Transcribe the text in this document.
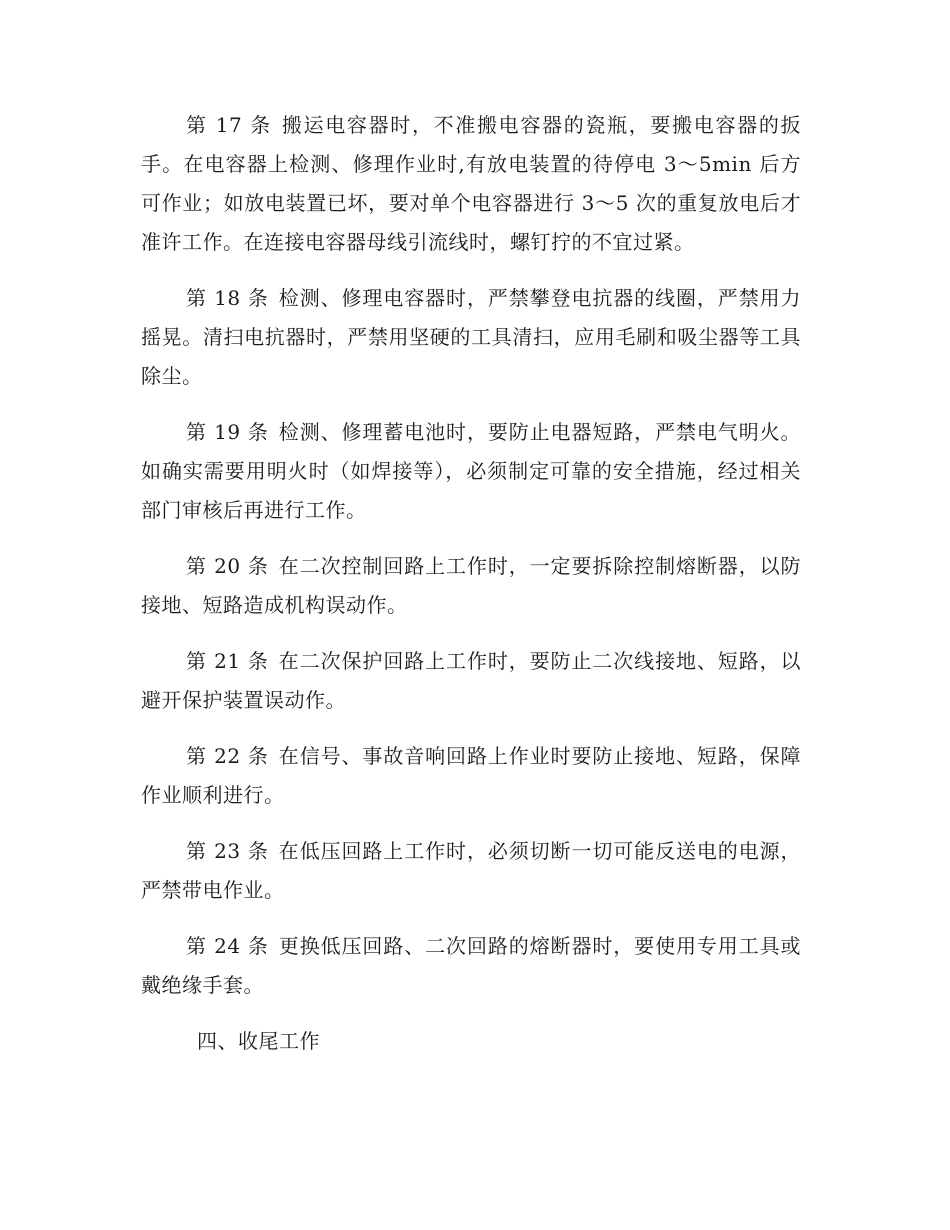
第 17 条 搬运电容器时，不准搬电容器的瓷瓶，要搬电容器的扳手。在电容器上检测、修理作业时,有放电装置的待停电 3～5min 后方可作业；如放电装置已坏，要对单个电容器进行 3～5 次的重复放电后才准许工作。在连接电容器母线引流线时，螺钉拧的不宜过紧。

第 18 条 检测、修理电容器时，严禁攀登电抗器的线圈，严禁用力摇晃。清扫电抗器时，严禁用坚硬的工具清扫，应用毛刷和吸尘器等工具除尘。

第 19 条 检测、修理蓄电池时，要防止电器短路，严禁电气明火。如确实需要用明火时（如焊接等），必须制定可靠的安全措施，经过相关部门审核后再进行工作。

第 20 条 在二次控制回路上工作时，一定要拆除控制熔断器，以防接地、短路造成机构误动作。

第 21 条 在二次保护回路上工作时，要防止二次线接地、短路，以避开保护装置误动作。

第 22 条 在信号、事故音响回路上作业时要防止接地、短路，保障作业顺利进行。

第 23 条 在低压回路上工作时，必须切断一切可能反送电的电源，严禁带电作业。

第 24 条 更换低压回路、二次回路的熔断器时，要使用专用工具或戴绝缘手套。

四、收尾工作
